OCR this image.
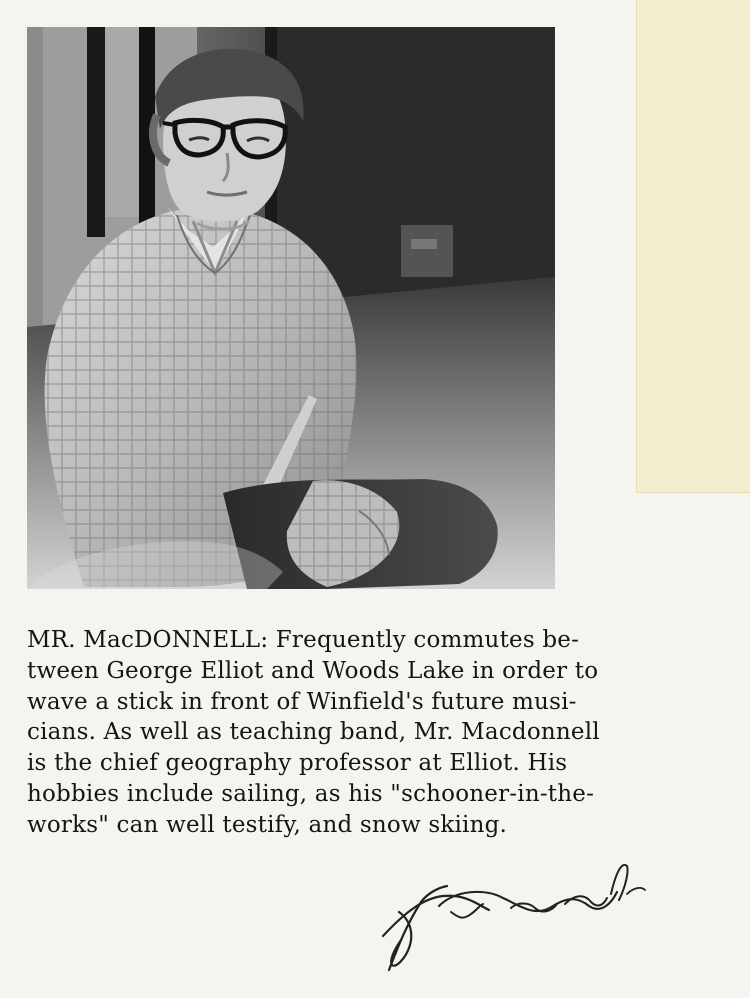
MR. MacDONNELL: Frequently commutes be-
tween George Elliot and Woods Lake in order to
wave a stick in front of Winfield's future musi-
cians. As well as teaching band, Mr. Macdonnell
is the chief geography professor at Elliot. His
hobbies include sailing, as his "schooner-in-the-
works" can well testify, and snow skiing.
